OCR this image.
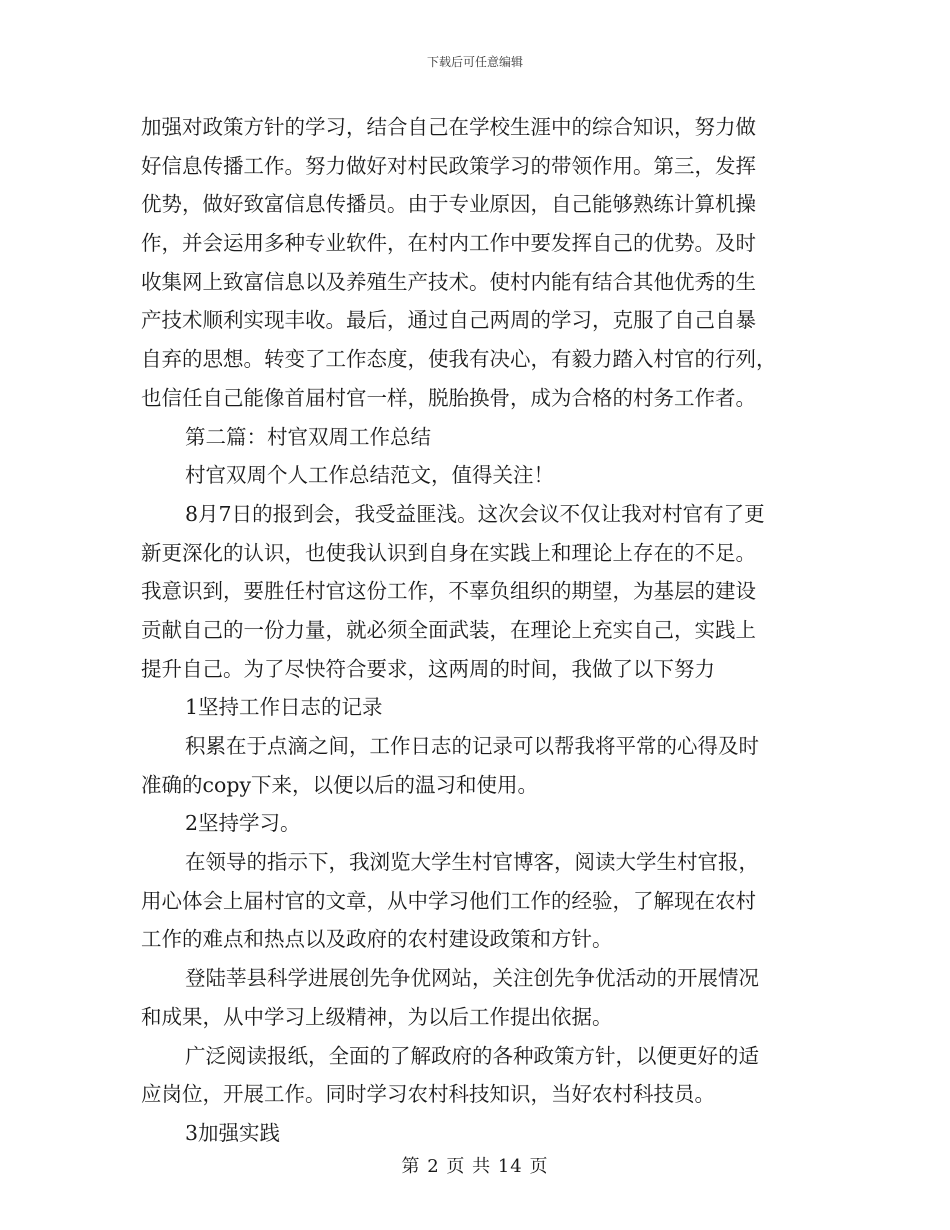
下载后可任意编辑
加强对政策方针的学习，结合自己在学校生涯中的综合知识，努力做
好信息传播工作。努力做好对村民政策学习的带领作用。第三，发挥
优势，做好致富信息传播员。由于专业原因，自己能够熟练计算机操
作，并会运用多种专业软件，在村内工作中要发挥自己的优势。及时
收集网上致富信息以及养殖生产技术。使村内能有结合其他优秀的生
产技术顺利实现丰收。最后，通过自己两周的学习，克服了自己自暴
自弃的思想。转变了工作态度，使我有决心，有毅力踏入村官的行列，
也信任自己能像首届村官一样，脱胎换骨，成为合格的村务工作者。
第二篇：村官双周工作总结
村官双周个人工作总结范文，值得关注！
8月7日的报到会，我受益匪浅。这次会议不仅让我对村官有了更
新更深化的认识，也使我认识到自身在实践上和理论上存在的不足。
我意识到，要胜任村官这份工作，不辜负组织的期望，为基层的建设
贡献自己的一份力量，就必须全面武装，在理论上充实自己，实践上
提升自己。为了尽快符合要求，这两周的时间，我做了以下努力
1坚持工作日志的记录
积累在于点滴之间，工作日志的记录可以帮我将平常的心得及时
准确的copy下来，以便以后的温习和使用。
2坚持学习。
在领导的指示下，我浏览大学生村官博客，阅读大学生村官报，
用心体会上届村官的文章，从中学习他们工作的经验，了解现在农村
工作的难点和热点以及政府的农村建设政策和方针。
登陆莘县科学进展创先争优网站，关注创先争优活动的开展情况
和成果，从中学习上级精神，为以后工作提出依据。
广泛阅读报纸，全面的了解政府的各种政策方针，以便更好的适
应岗位，开展工作。同时学习农村科技知识，当好农村科技员。
3加强实践
第 2 页 共 14 页
